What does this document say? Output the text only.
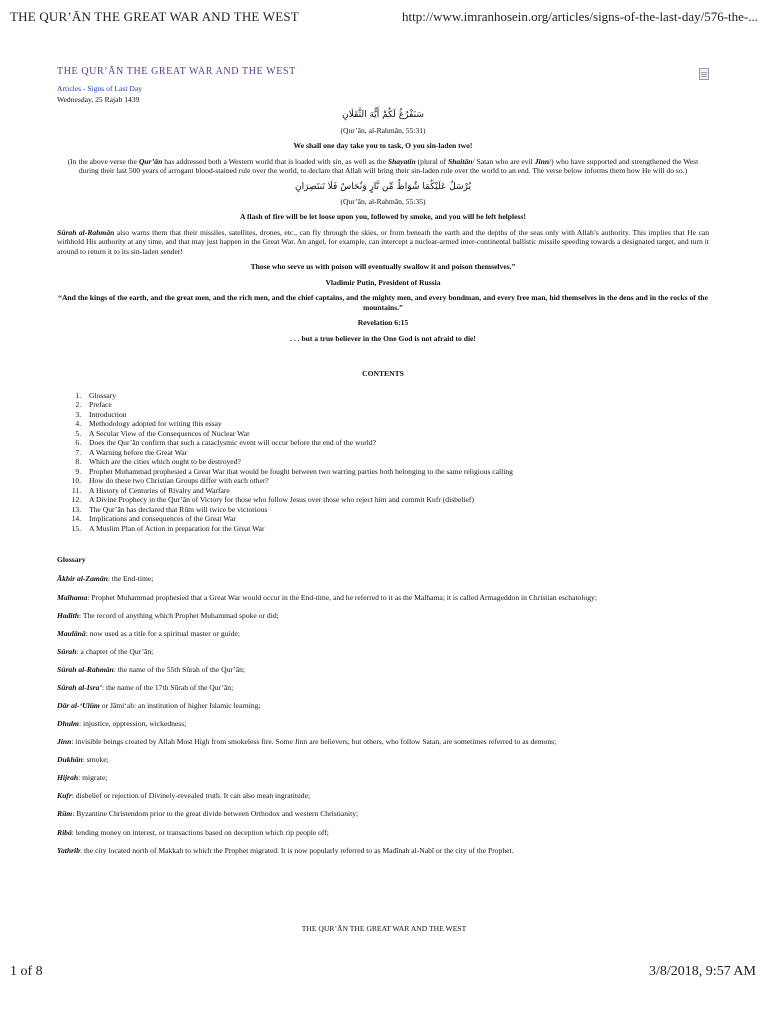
THE QUR’ĀN THE GREAT WAR AND THE WEST	http://www.imranhosein.org/articles/signs-of-the-last-day/576-the-...
THE QUR’ĀN THE GREAT WAR AND THE WEST
Articles - Signs of Last Day
Wednesday, 25 Rajab 1439
سَنَفْرُغُ لَكُمْ أَيُّهَ الثَّقَلَانِ
(Qur’ān, al-Rahmān, 55:31)
We shall one day take you to task, O you sin-laden two!
(In the above verse the Qur’ān has addressed both a Western world that is loaded with sin, as well as the Shayatīn (plural of Shaitān/ Satan who are evil Jinn/) who have supported and strengthened the West during their last 500 years of arrogant blood-stained rule over the world, to declare that Allah will bring their sin-laden rule over the world to an end. The verse below informs them how He will do so.)
يُرْسَلُ عَلَيْكُمَا شُوَاظٌ مِّن نَّارٍ وَنُحَاسٌ فَلَا تَنتَصِرَانِ
(Qur’ān, al-Rahmān, 55:35)
A flash of fire will be let loose upon you, followed by smoke, and you will be left helpless!
Sūrah al-Rahmān also warns them that their missiles, satellites, drones, etc., can fly through the skies, or from beneath the earth and the depths of the seas only with Allah’s authority. This implies that He can withhold His authority at any time, and that may just happen in the Great War. An angel, for example, can intercept a nuclear-armed inter-continental ballistic missile speeding towards a designated target, and turn it around to return it to its sin-laden sender!
Those who serve us with poison will eventually swallow it and poison themselves.”
Vladimir Putin, President of Russia
“And the kings of the earth, and the great men, and the rich men, and the chief captains, and the mighty men, and every bondman, and every free man, hid themselves in the dens and in the rocks of the mountains.”
Revelation 6:15
. . . but a true believer in the One God is not afraid to die!
CONTENTS
1. Glossary
2. Preface
3. Introduction
4. Methodology adopted for writing this essay
5. A Secular View of the Consequences of Nuclear War
6. Does the Qur’ān confirm that such a cataclysmic event will occur before the end of the world?
7. A Warning before the Great War
8. Which are the cities which ought to be destroyed?
9. Prophet Muhammad prophesied a Great War that would be fought between two warring parties both belonging to the same religious calling
10. How do these two Christian Groups differ with each other?
11. A History of Centuries of Rivalry and Warfare
12. A Divine Prophecy in the Qur’ān of Victory for those who follow Jesus over those who reject him and commit Kufr (disbelief)
13. The Qur’ān has declared that Rūm will twice be victorious
14. Implications and consequences of the Great War
15. A Muslim Plan of Action in preparation for the Great War
Glossary

Ākhir al-Zamān: the End-time;

Malhama: Prophet Muhammad prophesied that a Great War would occur in the End-time, and he referred to it as the Malhama; it is called Armageddon in Christian eschatology;

Hadīth: The record of anything which Prophet Muhammad spoke or did;

Maulānā: now used as a title for a spiritual master or guide;

Sūrah: a chapter of the Qur’ān;

Sūrah al-Rahmān: the name of the 55th Sūrah of the Qur’ān;

Sūrah al-Isra’: the name of the 17th Sūrah of the Qur’ān;

Dār al-‘Ulūm or Jāmi‘ah: an institution of higher Islamic learning;

Dhulm: injustice, oppression, wickedness;

Jinn: invisible beings created by Allah Most High from smokeless fire. Some Jinn are believers, but others, who follow Satan, are sometimes referred to as demons;

Dukhān: smoke;

Hijrah: migrate;

Kufr: disbelief or rejection of Divinely-revealed truth. It can also mean ingratitude;

Rūm: Byzantine Christendom prior to the great divide between Orthodox and western Christianity;

Ribā: lending money on interest, or transactions based on deception which rip people off;

Yathrib: the city located north of Makkah to which the Prophet migrated. It is now popularly referred to as Madīnah al-Nabī or the city of the Prophet.

THE QUR’ĀN THE GREAT WAR AND THE WEST
1 of 8	3/8/2018, 9:57 AM
